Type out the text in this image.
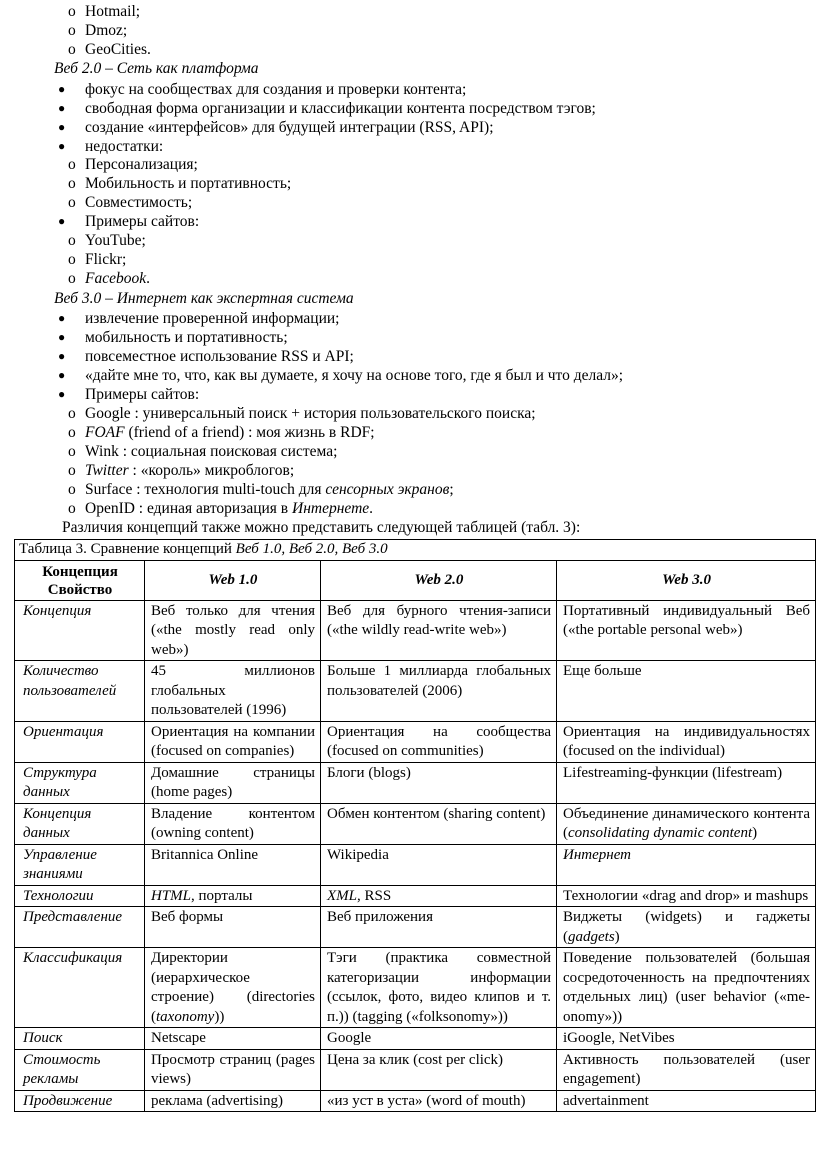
o Hotmail;
o Dmoz;
o GeoCities.
Веб 2.0 – Сеть как платформа
● фокус на сообществах для создания и проверки контента;
● свободная форма организации и классификации контента посредством тэгов;
● создание «интерфейсов» для будущей интеграции (RSS, API);
● недостатки:
o Персонализация;
o Мобильность и портативность;
o Совместимость;
● Примеры сайтов:
o YouTube;
o Flickr;
o Facebook.
Веб 3.0 – Интернет как экспертная система
● извлечение проверенной информации;
● мобильность и портативность;
● повсеместное использование RSS и API;
● «дайте мне то, что, как вы думаете, я хочу на основе того, где я был и что делал»;
● Примеры сайтов:
o Google : универсальный поиск + история пользовательского поиска;
o FOAF (friend of a friend) : моя жизнь в RDF;
o Wink : социальная поисковая система;
o Twitter : «король» микроблогов;
o Surface : технология multi-touch для сенсорных экранов;
o OpenID : единая авторизация в Интернете.
Различия концепций также можно представить следующей таблицей (табл. 3):
Таблица 3. Сравнение концепций Веб 1.0, Веб 2.0, Веб 3.0			
Концепция
Свойство	Web 1.0	Web 2.0	Web 3.0
Концепция	Веб только для чтения («the mostly read only web»)	Веб для бурного чтения-записи («the wildly read-write web»)	Портативный индивидуальный Веб («the portable personal web»)
Количество пользователей	45 миллионов глобальных пользователей (1996)	Больше 1 миллиарда глобальных пользователей (2006)	Еще больше
Ориентация	Ориентация на компании (focused on companies)	Ориентация на сообщества (focused on communities)	Ориентация на индивидуальностях (focused on the individual)
Структура данных	Домашние страницы (home pages)	Блоги (blogs)	Lifestreaming-функции (lifestream)
Концепция данных	Владение контентом (owning content)	Обмен контентом (sharing content)	Объединение динамического контента (consolidating dynamic content)
Управление знаниями	Britannica Online	Wikipedia	Интернет
Технологии	HTML, порталы	XML, RSS	Технологии «drag and drop» и mashups
Представление	Веб формы	Веб приложения	Виджеты (widgets) и гаджеты (gadgets)
Классификация	Директории (иерархическое строение) (directories (taxonomy))	Тэги (практика совместной категоризации информации (ссылок, фото, видео клипов и т. п.)) (tagging («folksonomy»))	Поведение пользователей (большая сосредоточенность на предпочтениях отдельных лиц) (user behavior («me-onomy»))
Поиск	Netscape	Google	iGoogle, NetVibes
Стоимость рекламы	Просмотр страниц (pages views)	Цена за клик (cost per click)	Активность пользователей (user engagement)
Продвижение	реклама (advertising)	«из уст в уста» (word of mouth)	advertainment
